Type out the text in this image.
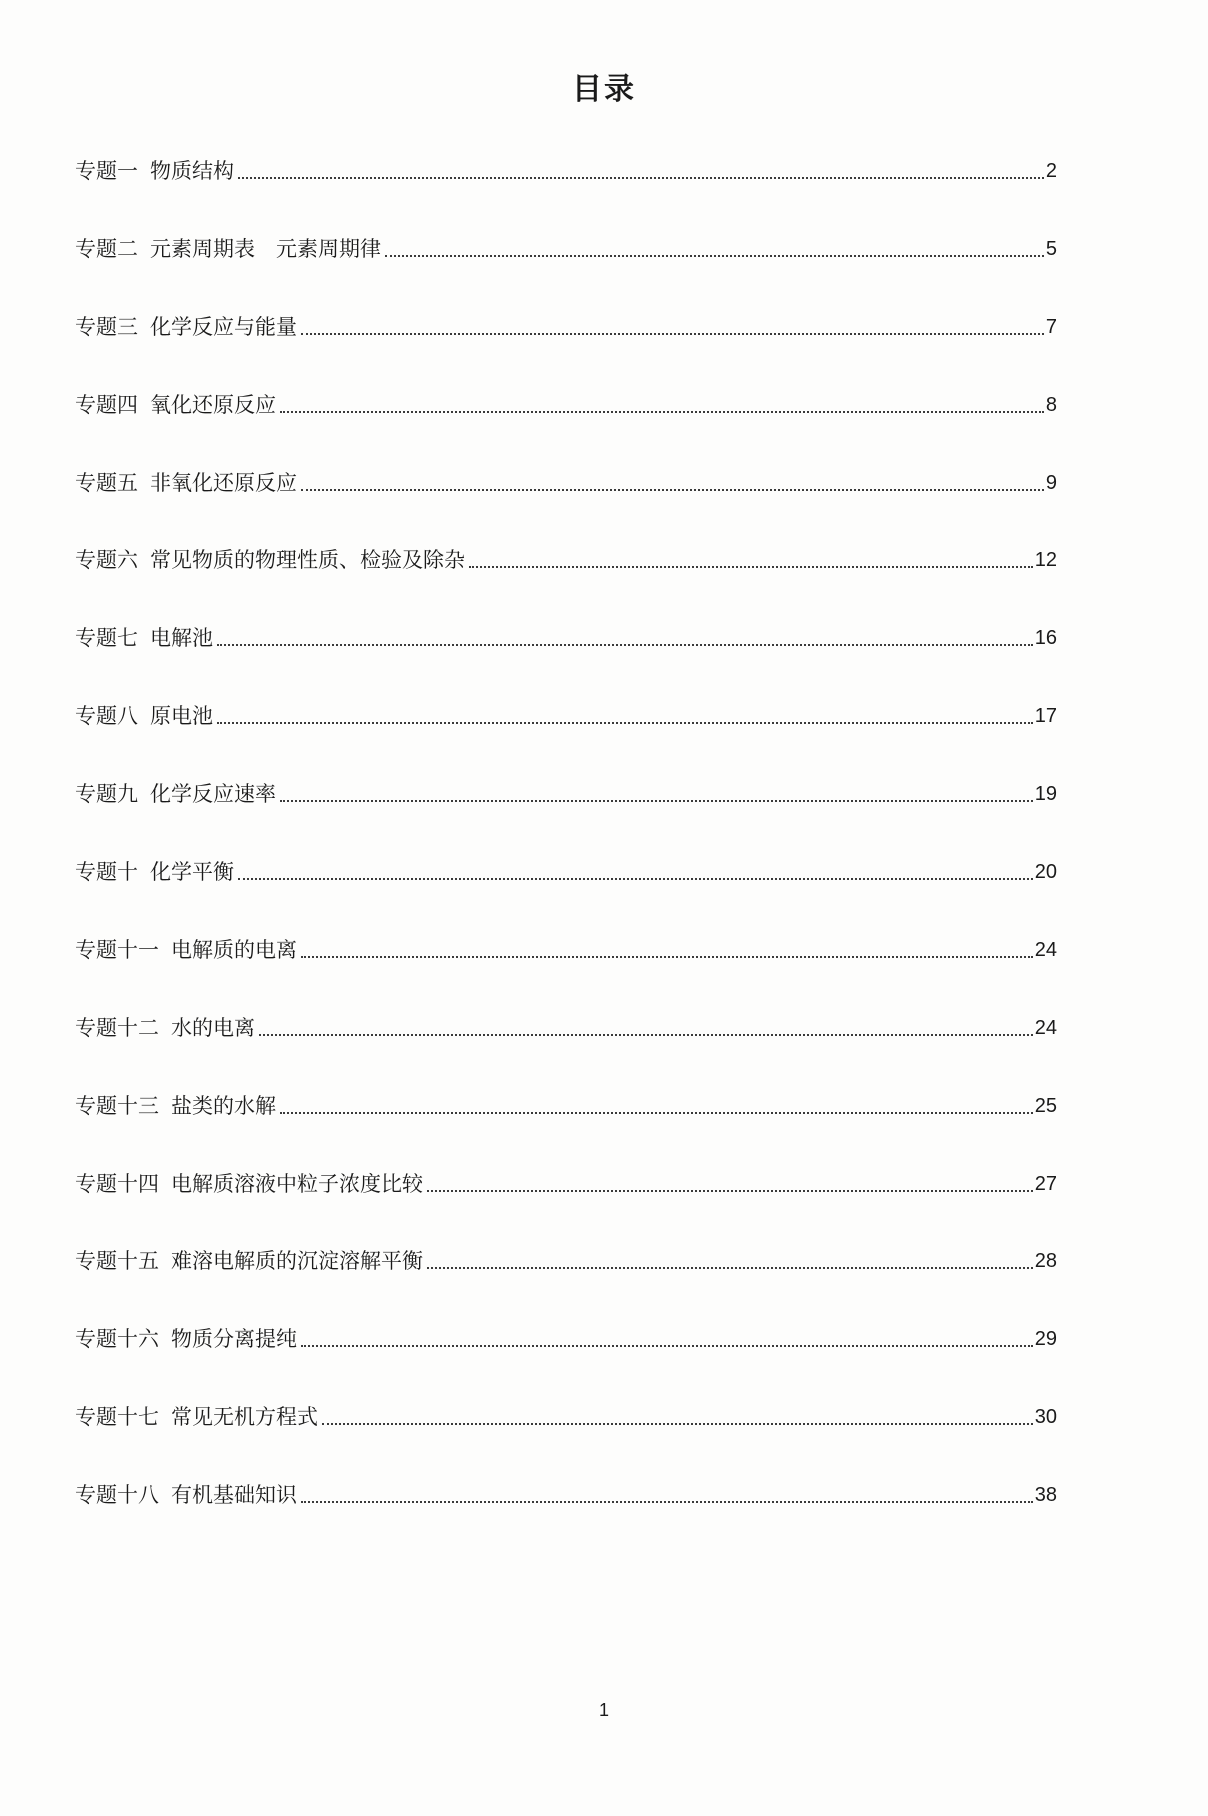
目录
专题一 物质结构	2
专题二 元素周期表　元素周期律	5
专题三 化学反应与能量	7
专题四 氧化还原反应	8
专题五 非氧化还原反应	9
专题六 常见物质的物理性质、检验及除杂	12
专题七 电解池	16
专题八 原电池	17
专题九 化学反应速率	19
专题十 化学平衡	20
专题十一 电解质的电离	24
专题十二 水的电离	24
专题十三 盐类的水解	25
专题十四 电解质溶液中粒子浓度比较	27
专题十五 难溶电解质的沉淀溶解平衡	28
专题十六 物质分离提纯	29
专题十七 常见无机方程式	30
专题十八 有机基础知识	38
1
